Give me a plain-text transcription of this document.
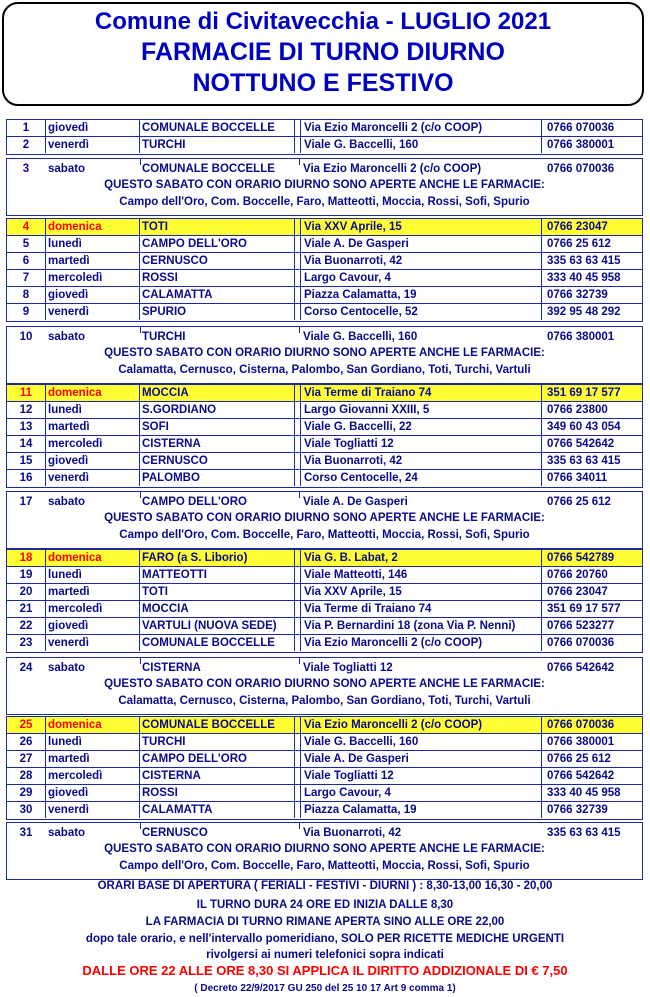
Comune di Civitavecchia - LUGLIO 2021
FARMACIE DI TURNO DIURNO
NOTTUNO E FESTIVO
1	giovedì	COMUNALE BOCCELLE	Via Ezio Maroncelli 2 (c/o COOP)	0766 070036
2	venerdì	TURCHI	Viale G. Baccelli, 160	0766 380001
3	sabato	COMUNALE BOCCELLE	Via Ezio Maroncelli 2 (c/o COOP)	0766 070036
QUESTO SABATO CON ORARIO DIURNO SONO APERTE ANCHE LE FARMACIE:
Campo dell'Oro, Com. Boccelle, Faro, Matteotti, Moccia, Rossi, Sofi, Spurio
4	domenica	TOTI	Via XXV Aprile, 15	0766 23047
5	lunedì	CAMPO DELL'ORO	Viale A. De Gasperi	0766 25 612
6	martedì	CERNUSCO	Via Buonarroti, 42	335 63 63 415
7	mercoledì	ROSSI	Largo Cavour, 4	333 40 45 958
8	giovedì	CALAMATTA	Piazza Calamatta, 19	0766 32739
9	venerdì	SPURIO	Corso Centocelle, 52	392 95 48 292
10	sabato	TURCHI	Viale G. Baccelli, 160	0766 380001
QUESTO SABATO CON ORARIO DIURNO SONO APERTE ANCHE LE FARMACIE:
Calamatta, Cernusco, Cisterna, Palombo, San Gordiano, Toti, Turchi, Vartuli
11	domenica	MOCCIA	Via Terme di Traiano 74	351 69 17 577
12	lunedì	S.GORDIANO	Largo Giovanni XXIII, 5	0766 23800
13	martedì	SOFI	Viale G. Baccelli, 22	349 60 43 054
14	mercoledì	CISTERNA	Viale Togliatti 12	0766 542642
15	giovedì	CERNUSCO	Via Buonarroti, 42	335 63 63 415
16	venerdì	PALOMBO	Corso Centocelle, 24	0766 34011
17	sabato	CAMPO DELL'ORO	Viale A. De Gasperi	0766 25 612
QUESTO SABATO CON ORARIO DIURNO SONO APERTE ANCHE LE FARMACIE:
Campo dell'Oro, Com. Boccelle, Faro, Matteotti, Moccia, Rossi, Sofi, Spurio
18	domenica	FARO (a S. Liborio)	Via G. B. Labat, 2	0766 542789
19	lunedì	MATTEOTTI	Viale Matteotti, 146	0766 20760
20	martedì	TOTI	Via XXV Aprile, 15	0766 23047
21	mercoledì	MOCCIA	Via Terme di Traiano 74	351 69 17 577
22	giovedì	VARTULI (NUOVA SEDE)	Via P. Bernardini 18 (zona Via P. Nenni)	0766 523277
23	venerdì	COMUNALE BOCCELLE	Via Ezio Maroncelli 2 (c/o COOP)	0766 070036
24	sabato	CISTERNA	Viale Togliatti 12	0766 542642
QUESTO SABATO CON ORARIO DIURNO SONO APERTE ANCHE LE FARMACIE:
Calamatta, Cernusco, Cisterna, Palombo, San Gordiano, Toti, Turchi, Vartuli
25	domenica	COMUNALE BOCCELLE	Via Ezio Maroncelli 2 (c/o COOP)	0766 070036
26	lunedì	TURCHI	Viale G. Baccelli, 160	0766 380001
27	martedì	CAMPO DELL'ORO	Viale A. De Gasperi	0766 25 612
28	mercoledì	CISTERNA	Viale Togliatti 12	0766 542642
29	giovedì	ROSSI	Largo Cavour, 4	333 40 45 958
30	venerdì	CALAMATTA	Piazza Calamatta, 19	0766 32739
31	sabato	CERNUSCO	Via Buonarroti, 42	335 63 63 415
QUESTO SABATO CON ORARIO DIURNO SONO APERTE ANCHE LE FARMACIE:
Campo dell'Oro, Com. Boccelle, Faro, Matteotti, Moccia, Rossi, Sofi, Spurio
ORARI BASE DI APERTURA ( FERIALI - FESTIVI - DIURNI ) : 8,30-13,00 16,30 - 20,00
IL TURNO DURA 24 ORE ED INIZIA DALLE 8,30
LA FARMACIA DI TURNO RIMANE APERTA SINO ALLE ORE 22,00
dopo tale orario, e nell'intervallo pomeridiano, SOLO PER RICETTE MEDICHE URGENTI
rivolgersi ai numeri telefonici sopra indicati
DALLE ORE 22 ALLE ORE 8,30 SI APPLICA IL DIRITTO ADDIZIONALE DI € 7,50
( Decreto 22/9/2017 GU 250 del 25 10 17 Art 9 comma 1)
